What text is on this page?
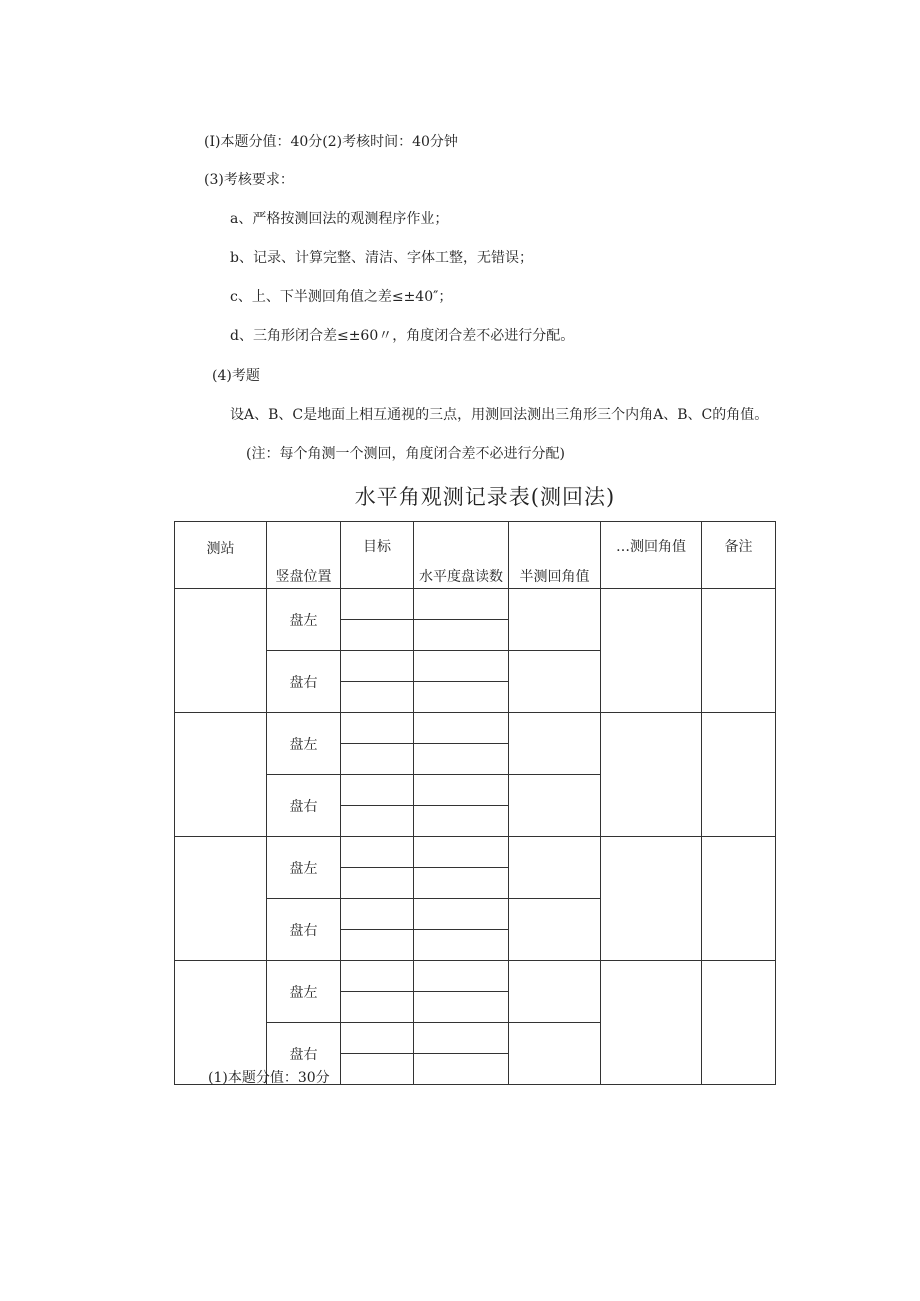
(I)本题分值：40分(2)考核时间：40分钟
(3)考核要求：
a、严格按测回法的观测程序作业；
b、记录、计算完整、清洁、字体工整，无错误；
c、上、下半测回角值之差≤±40″；
d、三角形闭合差≤±60〃，角度闭合差不必进行分配。
(4)考题
设A、B、C是地面上相互通视的三点，用测回法测出三角形三个内角A、B、C的角值。
(注：每个角测一个测回，角度闭合差不必进行分配)
水平角观测记录表(测回法)
测站	竖盘位置	目标	水平度盘读数	半测回角值	…测回角值	备注
	盘左					

	盘右					

	盘左					

	盘右					

	盘左					

	盘右					

	盘左					

	盘右					

(1)本题分值：30分
